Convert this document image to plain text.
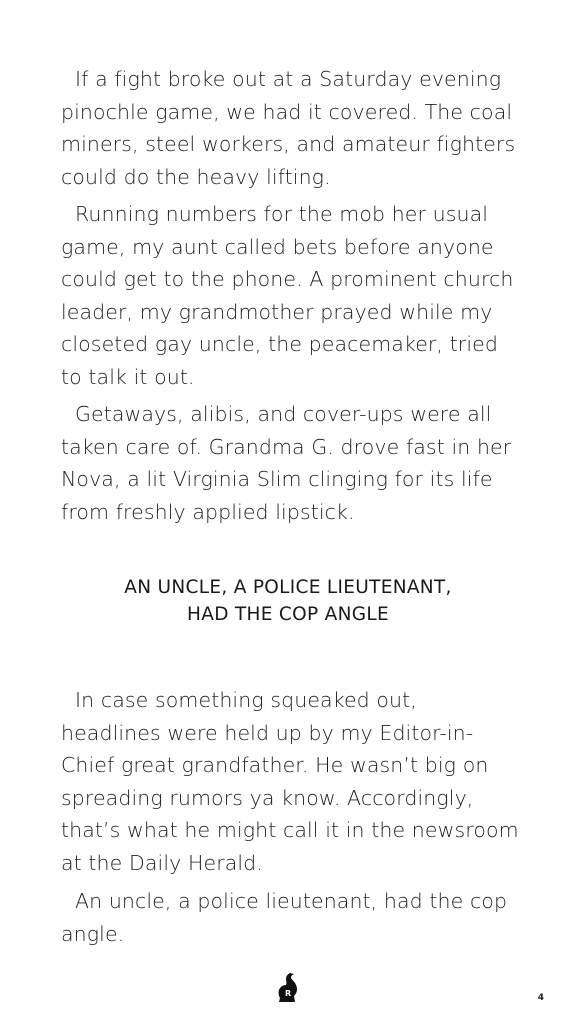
If a fight broke out at a Saturday evening pinochle game, we had it covered. The coal miners, steel workers, and amateur fighters could do the heavy lifting.

Running numbers for the mob her usual game, my aunt called bets before anyone could get to the phone. A prominent church leader, my grandmother prayed while my closeted gay uncle, the peacemaker, tried to talk it out.

Getaways, alibis, and cover-ups were all taken care of. Grandma G. drove fast in her Nova, a lit Virginia Slim clinging for its life from freshly applied lipstick.

AN UNCLE, A POLICE LIEUTENANT,
HAD THE COP ANGLE

In case something squeaked out, headlines were held up by my Editor-in-Chief great grandfather. He wasn’t big on spreading rumors ya know. Accordingly, that’s what he might call it in the newsroom at the Daily Herald.

An uncle, a police lieutenant, had the cop angle.

R	4
